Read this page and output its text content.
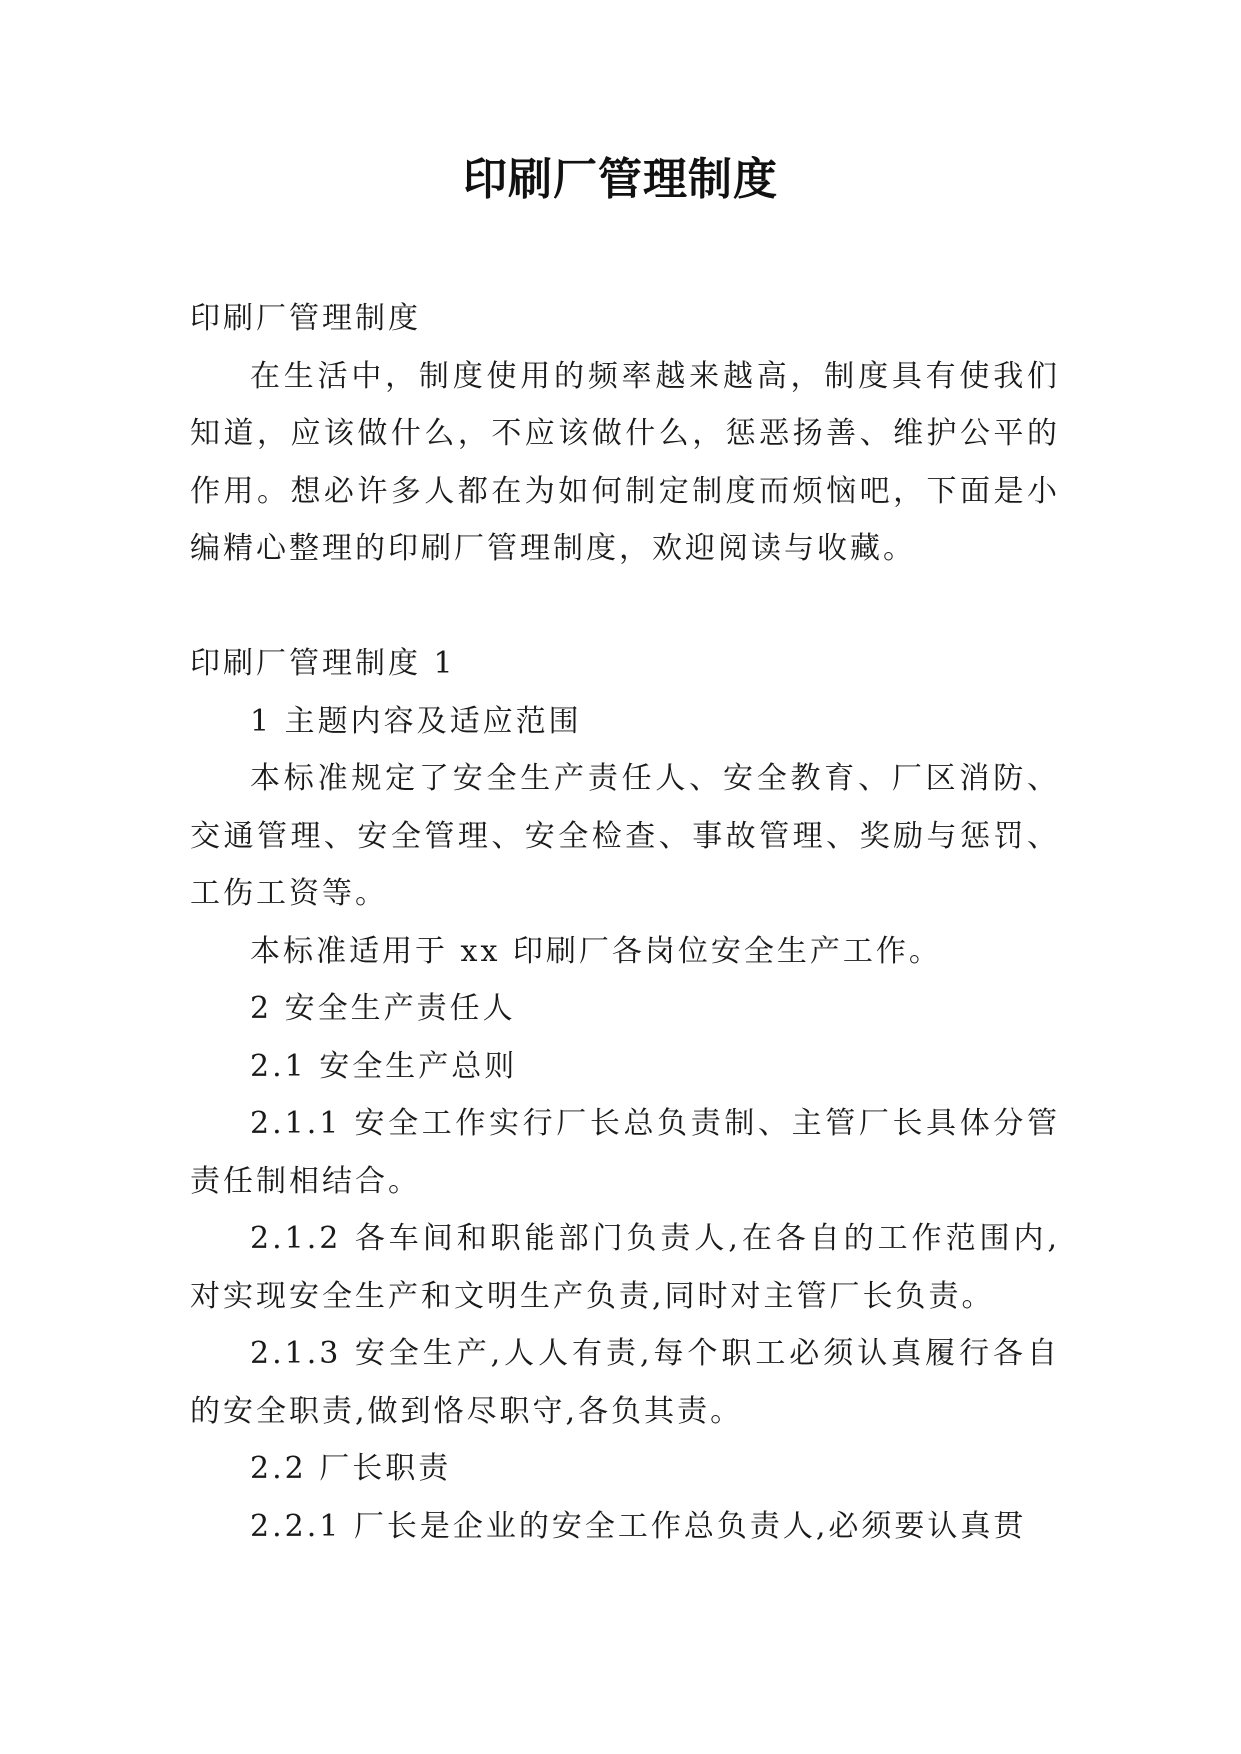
印刷厂管理制度

印刷厂管理制度

在生活中，制度使用的频率越来越高，制度具有使我们知道，应该做什么，不应该做什么，惩恶扬善、维护公平的作用。想必许多人都在为如何制定制度而烦恼吧，下面是小编精心整理的印刷厂管理制度，欢迎阅读与收藏。

印刷厂管理制度 1

1 主题内容及适应范围

本标准规定了安全生产责任人、安全教育、厂区消防、交通管理、安全管理、安全检查、事故管理、奖励与惩罚、工伤工资等。

本标准适用于 xx 印刷厂各岗位安全生产工作。

2 安全生产责任人

2.1 安全生产总则

2.1.1 安全工作实行厂长总负责制、主管厂长具体分管责任制相结合。

2.1.2 各车间和职能部门负责人,在各自的工作范围内,对实现安全生产和文明生产负责,同时对主管厂长负责。

2.1.3 安全生产,人人有责,每个职工必须认真履行各自的安全职责,做到恪尽职守,各负其责。

2.2 厂长职责

2.2.1 厂长是企业的安全工作总负责人,必须要认真贯
